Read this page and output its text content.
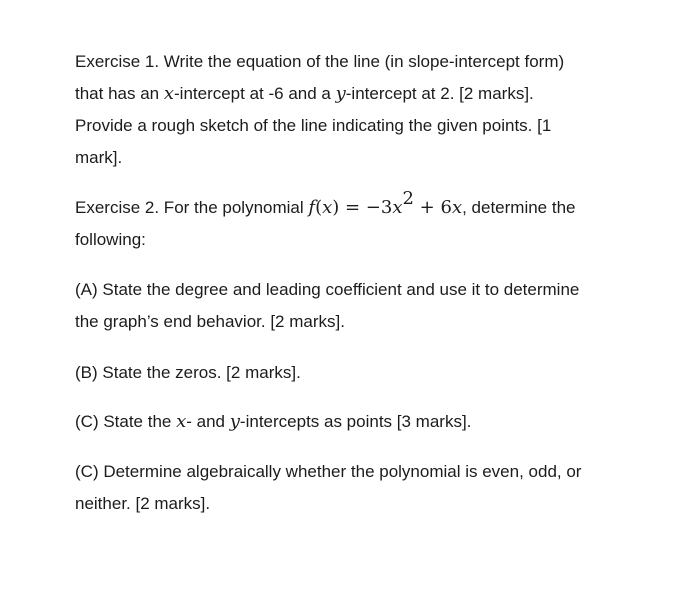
Exercise 1. Write the equation of the line (in slope-intercept form)
that has an x-intercept at -6 and a y-intercept at 2. [2 marks].
Provide a rough sketch of the line indicating the given points. [1
mark].
Exercise 2. For the polynomial $f(x) = -3x^2 + 6x$, determine the
following:
(A) State the degree and leading coefficient and use it to determine
the graph’s end behavior. [2 marks].
(B) State the zeros. [2 marks].
(C) State the x- and y-intercepts as points [3 marks].
(C) Determine algebraically whether the polynomial is even, odd, or
neither. [2 marks].
